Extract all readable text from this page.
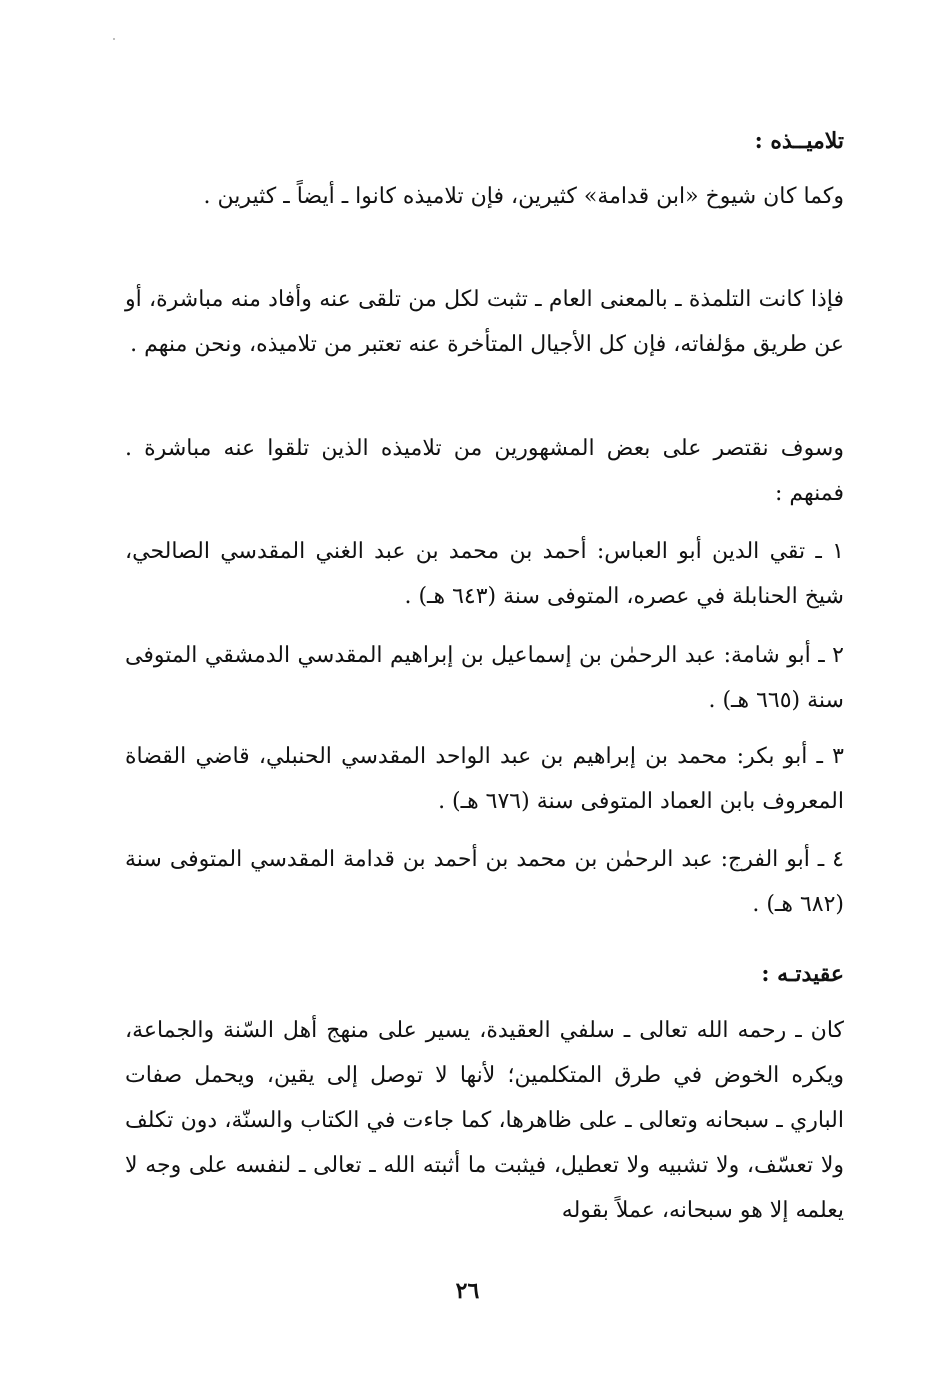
تلاميــذه :

وكما كان شيوخ «ابن قدامة» كثيرين، فإن تلاميذه كانوا ـ أيضاً ـ كثيرين .

فإذا كانت التلمذة ـ بالمعنى العام ـ تثبت لكل من تلقى عنه وأفاد منه مباشرة، أو عن طريق مؤلفاته، فإن كل الأجيال المتأخرة عنه تعتبر من تلاميذه، ونحن منهم .

وسوف نقتصر على بعض المشهورين من تلاميذه الذين تلقوا عنه مباشرة . فمنهم :

١ ـ تقي الدين أبو العباس: أحمد بن محمد بن عبد الغني المقدسي الصالحي، شيخ الحنابلة في عصره، المتوفى سنة (٦٤٣ هـ) .

٢ ـ أبو شامة: عبد الرحمٰن بن إسماعيل بن إبراهيم المقدسي الدمشقي المتوفى سنة (٦٦٥ هـ) .

٣ ـ أبو بكر: محمد بن إبراهيم بن عبد الواحد المقدسي الحنبلي، قاضي القضاة المعروف بابن العماد المتوفى سنة (٦٧٦ هـ) .

٤ ـ أبو الفرج: عبد الرحمٰن بن محمد بن أحمد بن قدامة المقدسي المتوفى سنة (٦٨٢ هـ) .

عقيدتـه :

كان ـ رحمه الله تعالى ـ سلفي العقيدة، يسير على منهج أهل السّنة والجماعة، ويكره الخوض في طرق المتكلمين؛ لأنها لا توصل إلى يقين، ويحمل صفات الباري ـ سبحانه وتعالى ـ على ظاهرها، كما جاءت في الكتاب والسنّة، دون تكلف ولا تعسّف، ولا تشبيه ولا تعطيل، فيثبت ما أثبته الله ـ تعالى ـ لنفسه على وجه لا يعلمه إلا هو سبحانه، عملاً بقوله

٢٦
